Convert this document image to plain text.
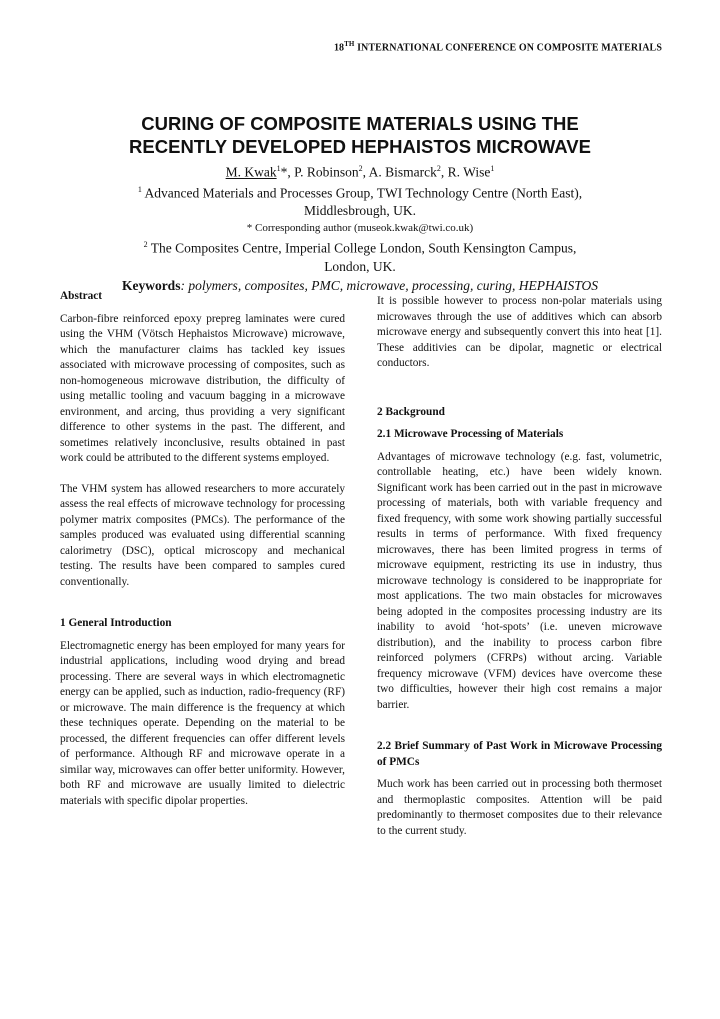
18TH INTERNATIONAL CONFERENCE ON COMPOSITE MATERIALS
CURING OF COMPOSITE MATERIALS USING THE
RECENTLY DEVELOPED HEPHAISTOS MICROWAVE
M. Kwak$^1$*, P. Robinson$^2$, A. Bismarck$^2$, R. Wise$^1$
$^1$ Advanced Materials and Processes Group, TWI Technology Centre (North East),
Middlesbrough, UK.
* Corresponding author (museok.kwak@twi.co.uk)
$^2$ The Composites Centre, Imperial College London, South Kensington Campus,
London, UK.
Keywords: polymers, composites, PMC, microwave, processing, curing, HEPHAISTOS
Abstract

Carbon-fibre reinforced epoxy prepreg laminates were cured using the VHM (Vötsch Hephaistos Microwave) microwave, which the manufacturer claims has tackled key issues associated with microwave processing of composites, such as non-homogeneous microwave distribution, the difficulty of using metallic tooling and vacuum bagging in a microwave environment, and arcing, thus providing a very significant difference to other systems in the past. The different, and sometimes relatively inconclusive, results obtained in past work could be attributed to the different systems employed.

The VHM system has allowed researchers to more accurately assess the real effects of microwave technology for processing polymer matrix composites (PMCs). The performance of the samples produced was evaluated using differential scanning calorimetry (DSC), optical microscopy and mechanical testing. The results have been compared to samples cured conventionally.

1 General Introduction

Electromagnetic energy has been employed for many years for industrial applications, including wood drying and bread processing. There are several ways in which electromagnetic energy can be applied, such as induction, radio-frequency (RF) or microwave. The main difference is the frequency at which these techniques operate. Depending on the material to be processed, the different frequencies can offer different levels of performance. Although RF and microwave operate in a similar way, microwaves can offer better uniformity. However, both RF and microwave are usually limited to dielectric materials with specific dipolar properties.

It is possible however to process non-polar materials using microwaves through the use of additives which can absorb microwave energy and subsequently convert this into heat [1]. These additivies can be dipolar, magnetic or electrical conductors.

2 Background
2.1 Microwave Processing of Materials

Advantages of microwave technology (e.g. fast, volumetric, controllable heating, etc.) have been widely known. Significant work has been carried out in the past in microwave processing of materials, both with variable frequency and fixed frequency, with some work showing partially successful results in terms of performance. With fixed frequency microwaves, there has been limited progress in terms of microwave equipment, restricting its use in industry, thus microwave technology is considered to be inappropriate for most applications. The two main obstacles for microwaves being adopted in the composites processing industry are its inability to avoid ‘hot-spots’ (i.e. uneven microwave distribution), and the inability to process carbon fibre reinforced polymers (CFRPs) without arcing. Variable frequency microwave (VFM) devices have overcome these two difficulties, however their high cost remains a major barrier.

2.2 Brief Summary of Past Work in Microwave Processing of PMCs

Much work has been carried out in processing both thermoset and thermoplastic composites. Attention will be paid predominantly to thermoset composites due to their relevance to the current study.
